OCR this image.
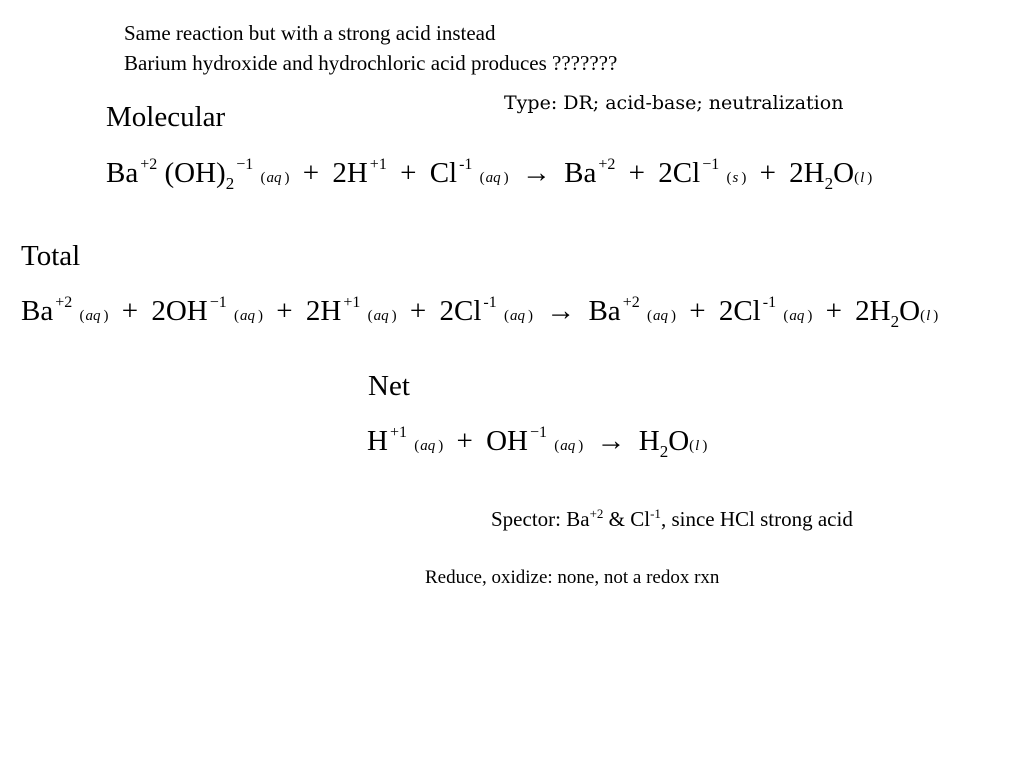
Same reaction but with a strong acid instead
Barium hydroxide and hydrochloric acid produces ???????
Type: DR; acid-base; neutralization
Molecular
Ba $^{+2}$ $(OH)_2^{-1}$ (aq ) + 2H $^{+1}$ + Cl $^{-1}$ (aq ) → Ba $^{+2}$ + 2Cl $^{-1}$ (s ) + $2H_2O(l$ )
Total
Ba $^{+2}$ (aq ) + 2OH $^{-1}$ (aq ) + 2H $^{+1}$ (aq ) + 2Cl $^{-1}$ (aq ) → Ba $^{+2}$ (aq ) + 2Cl $^{-1}$ (aq ) + $2H_2O(l$ )
Net
H $^{+1}$ (aq ) + OH $^{-1}$ (aq ) → $H_2O(l$ )
Spector: $Ba^{+2}$ & $Cl^{-1}$, since HCl strong acid
Reduce, oxidize: none, not a redox rxn
